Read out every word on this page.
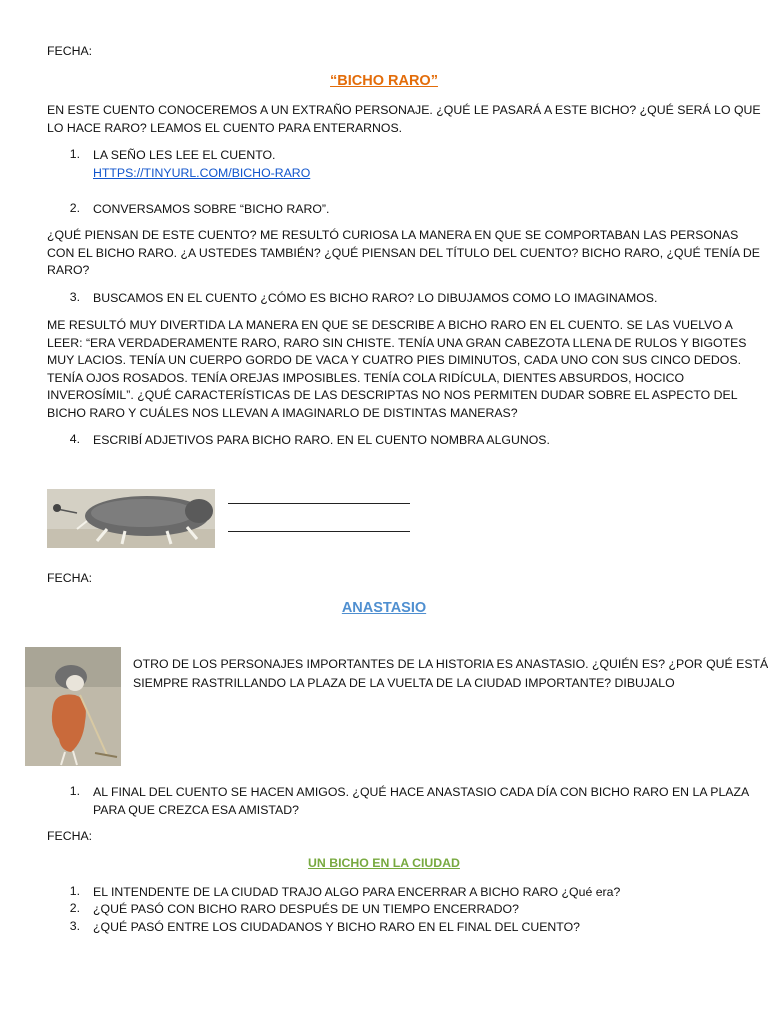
FECHA:
“BICHO RARO”
EN ESTE CUENTO CONOCEREMOS A UN EXTRAÑO PERSONAJE. ¿QUÉ LE PASARÁ A ESTE BICHO? ¿QUÉ SERÁ LO QUE
LO HACE RARO? LEAMOS EL CUENTO PARA ENTERARNOS.
1. LA SEÑO LES LEE EL CUENTO.
HTTPS://TINYURL.COM/BICHO-RARO
2. CONVERSAMOS SOBRE “BICHO RARO”.
¿QUÉ PIENSAN DE ESTE CUENTO? ME RESULTÓ CURIOSA LA MANERA EN QUE SE COMPORTABAN LAS PERSONAS
CON EL BICHO RARO. ¿A USTEDES TAMBIÉN? ¿QUÉ PIENSAN DEL TÍTULO DEL CUENTO? BICHO RARO, ¿QUÉ TENÍA DE
RARO?
3. BUSCAMOS EN EL CUENTO ¿CÓMO ES BICHO RARO? LO DIBUJAMOS COMO LO IMAGINAMOS.
ME RESULTÓ MUY DIVERTIDA LA MANERA EN QUE SE DESCRIBE A BICHO RARO EN EL CUENTO. SE LAS VUELVO A
LEER: “ERA VERDADERAMENTE RARO, RARO SIN CHISTE. TENÍA UNA GRAN CABEZOTA LLENA DE RULOS Y BIGOTES
MUY LACIOS. TENÍA UN CUERPO GORDO DE VACA Y CUATRO PIES DIMINUTOS, CADA UNO CON SUS CINCO DEDOS.
TENÍA OJOS ROSADOS. TENÍA OREJAS IMPOSIBLES. TENÍA COLA RIDÍCULA, DIENTES ABSURDOS, HOCICO
INVEROSÍMIL”. ¿QUÉ CARACTERÍSTICAS DE LAS DESCRIPTAS NO NOS PERMITEN DUDAR SOBRE EL ASPECTO DEL
BICHO RARO Y CUÁLES NOS LLEVAN A IMAGINARLO DE DISTINTAS MANERAS?
4. ESCRIBÍ ADJETIVOS PARA BICHO RARO. EN EL CUENTO NOMBRA ALGUNOS.
FECHA:
ANASTASIO
OTRO DE LOS PERSONAJES IMPORTANTES DE LA HISTORIA ES ANASTASIO. ¿QUIÉN ES? ¿POR QUÉ ESTÁ
SIEMPRE RASTRILLANDO LA PLAZA DE LA VUELTA DE LA CIUDAD IMPORTANTE? DIBUJALO
1. AL FINAL DEL CUENTO SE HACEN AMIGOS. ¿QUÉ HACE ANASTASIO CADA DÍA CON BICHO RARO EN LA PLAZA
PARA QUE CREZCA ESA AMISTAD?
FECHA:
UN BICHO EN LA CIUDAD
1. EL INTENDENTE DE LA CIUDAD TRAJO ALGO PARA ENCERRAR A BICHO RARO ¿Qué era?
2. ¿QUÉ PASÓ CON BICHO RARO DESPUÉS DE UN TIEMPO ENCERRADO?
3. ¿QUÉ PASÓ ENTRE LOS CIUDADANOS Y BICHO RARO EN EL FINAL DEL CUENTO?
